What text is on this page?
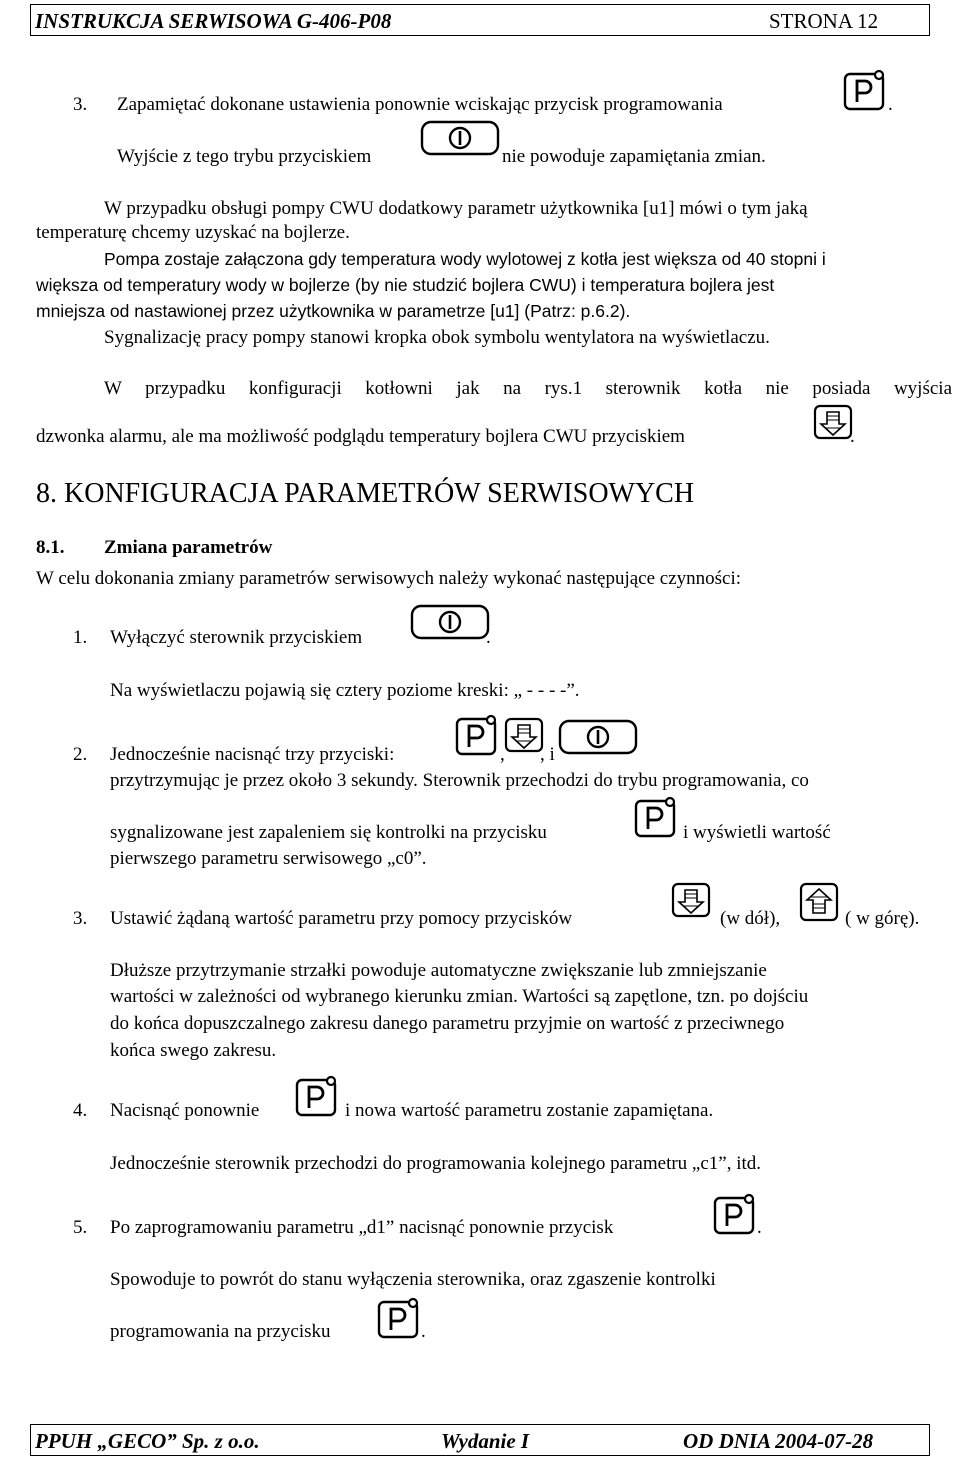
INSTRUKCJA SERWISOWA G-406-P08	STRONA 12
3. Zapamiętać dokonane ustawienia ponownie wciskając przycisk programowania	.
Wyjście z tego trybu przyciskiem	nie powoduje zapamiętania zmian.
W przypadku obsługi pompy CWU dodatkowy parametr użytkownika [u1] mówi o tym jaką
temperaturę chcemy uzyskać na bojlerze.
Pompa zostaje załączona gdy temperatura wody wylotowej z kotła jest większa od 40 stopni i
większa od temperatury wody w bojlerze (by nie studzić bojlera CWU) i temperatura bojlera jest
mniejsza od nastawionej przez użytkownika w parametrze [u1] (Patrz: p.6.2).
Sygnalizację pracy pompy stanowi kropka obok symbolu wentylatora na wyświetlaczu.
W przypadku konfiguracji kotłowni jak na rys.1 sterownik kotła nie posiada wyjścia
dzwonka alarmu, ale ma możliwość podglądu temperatury bojlera CWU przyciskiem	.
8. KONFIGURACJA PARAMETRÓW SERWISOWYCH
8.1. Zmiana parametrów
W celu dokonania zmiany parametrów serwisowych należy wykonać następujące czynności:
1. Wyłączyć sterownik przyciskiem	.
Na wyświetlaczu pojawią się cztery poziome kreski: „ - - - -”.
2. Jednocześnie nacisnąć trzy przyciski:	, , i
przytrzymując je przez około 3 sekundy. Sterownik przechodzi do trybu programowania, co
sygnalizowane jest zapaleniem się kontrolki na przycisku	i wyświetli wartość
pierwszego parametru serwisowego „c0”.
3. Ustawić żądaną wartość parametru przy pomocy przycisków	(w dół),	( w górę).
Dłuższe przytrzymanie strzałki powoduje automatyczne zwiększanie lub zmniejszanie
wartości w zależności od wybranego kierunku zmian. Wartości są zapętlone, tzn. po dojściu
do końca dopuszczalnego zakresu danego parametru przyjmie on wartość z przeciwnego
końca swego zakresu.
4. Nacisnąć ponownie	i nowa wartość parametru zostanie zapamiętana.
Jednocześnie sterownik przechodzi do programowania kolejnego parametru „c1”, itd.
5. Po zaprogramowaniu parametru „d1” nacisnąć ponownie przycisk	.
Spowoduje to powrót do stanu wyłączenia sterownika, oraz zgaszenie kontrolki
programowania na przycisku	.
PPUH „GECO” Sp. z o.o.	Wydanie I	OD DNIA 2004-07-28
